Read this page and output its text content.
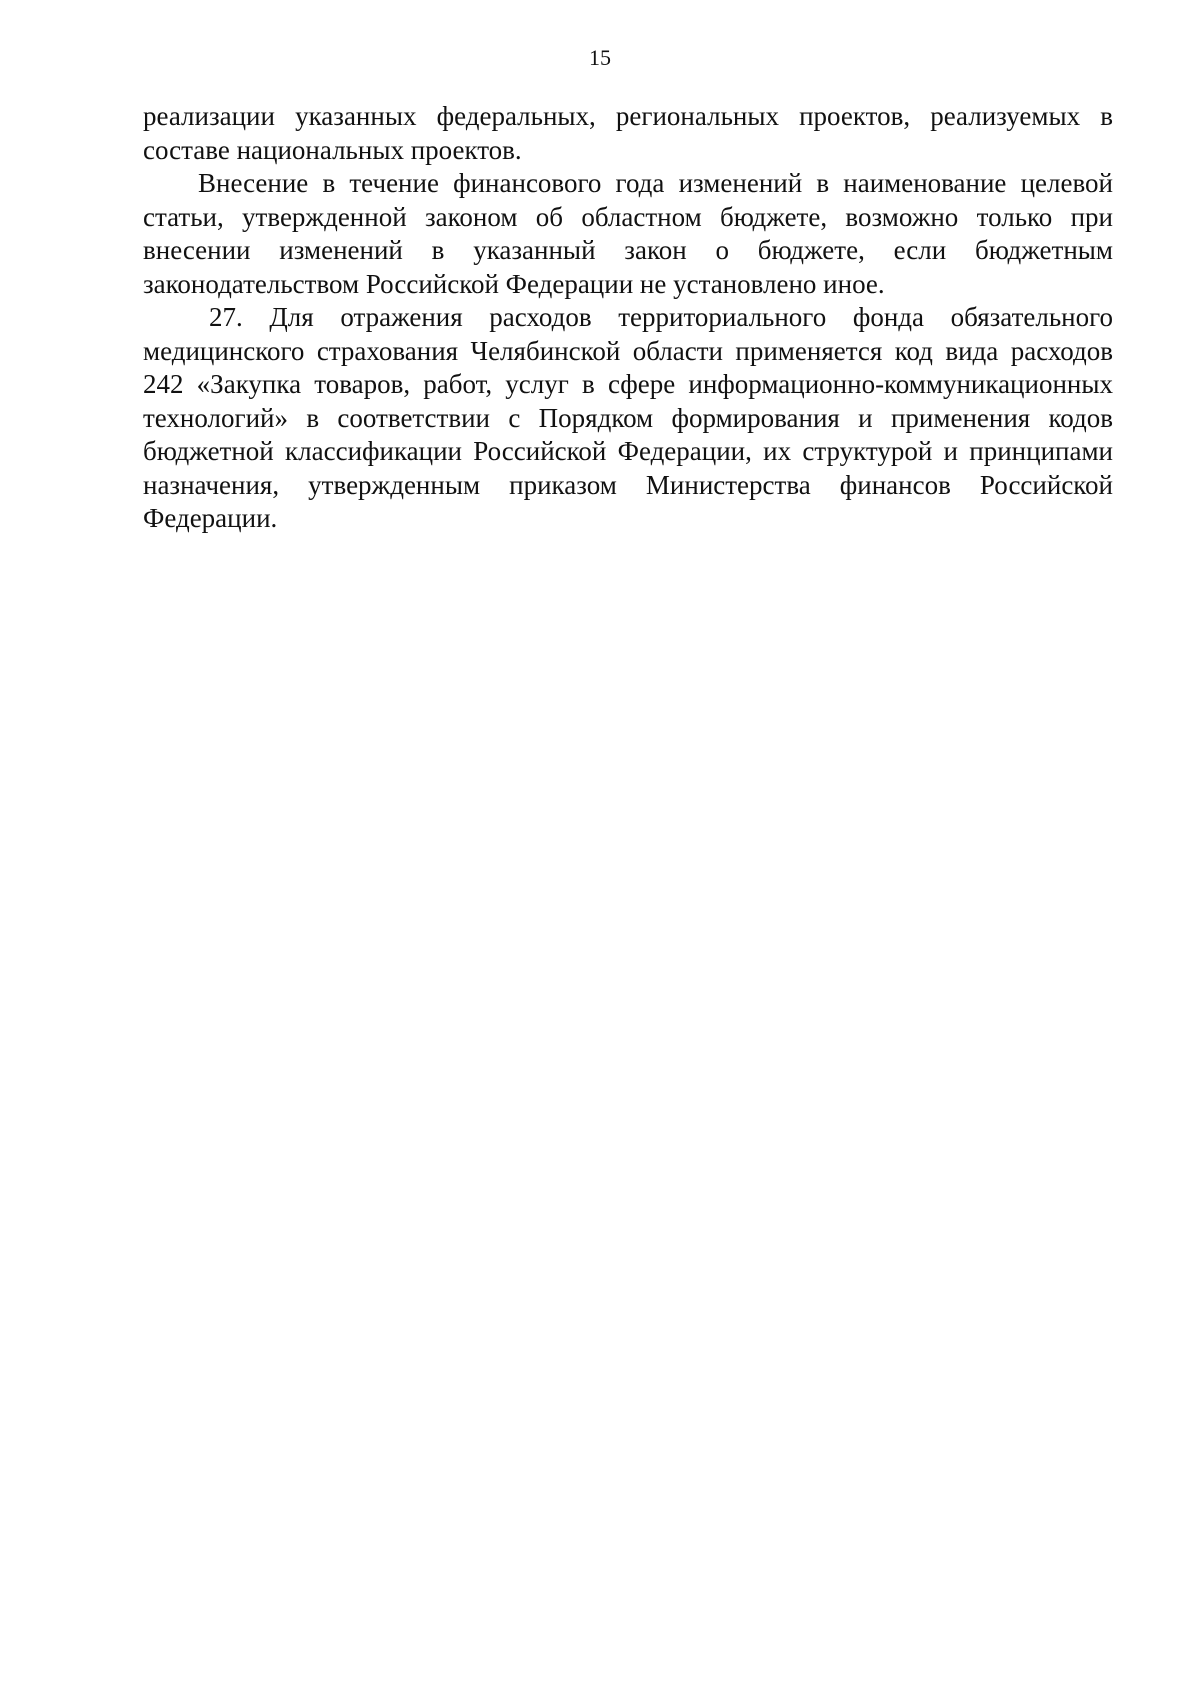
15

реализации указанных федеральных, региональных проектов, реализуемых в составе национальных проектов.

Внесение в течение финансового года изменений в наименование целевой статьи, утвержденной законом об областном бюджете, возможно только при внесении изменений в указанный закон о бюджете, если бюджетным законодательством Российской Федерации не установлено иное.

27. Для отражения расходов территориального фонда обязательного медицинского страхования Челябинской области применяется код вида расходов 242 «Закупка товаров, работ, услуг в сфере информационно-коммуникационных технологий» в соответствии с Порядком формирования и применения кодов бюджетной классификации Российской Федерации, их структурой и принципами назначения, утвержденным приказом Министерства финансов Российской Федерации.
